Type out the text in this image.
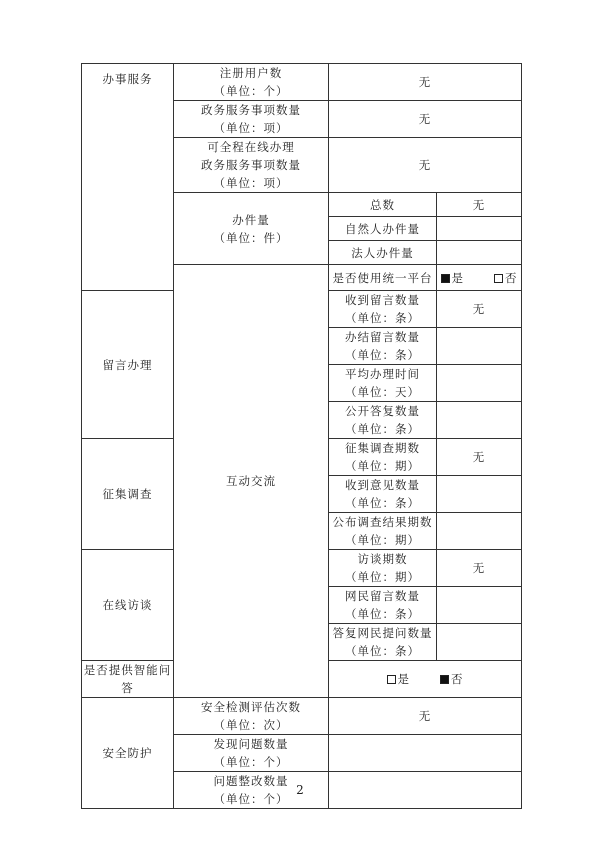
办事服务	注册用户数
（单位：个）	无	

	政务服务事项数量
（单位：项）	无	

	可全程在线办理
政务服务事项数量
（单位：项）	无	

	办件量
（单位：件）	总数	无
		自然人办件量	
		法人办件量	
	互动交流	是否使用统一平台	是 否
留言办理		收到留言数量
（单位：条）	无

		办结留言数量
（单位：条）	

		平均办理时间
（单位：天）	

		公开答复数量
（单位：条）	

征集调查		征集调查期数
（单位：期）	无

		收到意见数量
（单位：条）	

		公布调查结果期数
（单位：期）	

在线访谈		访谈期数
（单位：期）	无

		网民留言数量
（单位：条）	

		答复网民提问数量
（单位：条）	

是否提供智能问答		是 否	
安全防护	安全检测评估次数
（单位：次）	无	

	发现问题数量
（单位：个）		

	问题整改数量
（单位：个）		

2
